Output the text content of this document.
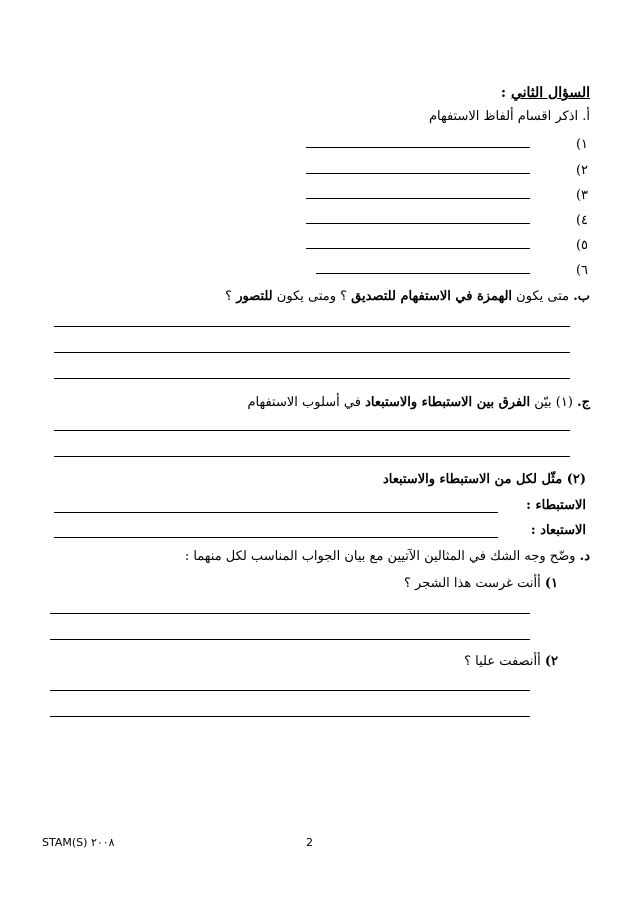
السؤال الثاني :
أ. اذكر اقسام ألفاظ الاستفهام
١)
٢)
٣)
٤)
٥)
٦)
ب. متى يكون الهمزة في الاستفهام للتصديق ؟ ومتى يكون للتصور ؟
ج. (١) بيّن الفرق بين الاستبطاء والاستبعاد في أسلوب الاستفهام
(٢) مثّل لكل من الاستبطاء والاستبعاد
الاستبطاء :
الاستبعاد :
د. وضّح وجه الشك في المثالين الآتيين مع بيان الجواب المناسب لكل منهما :
١) أأنت غرست هذا الشجر ؟
٢) أأنصفت عليا ؟
STAM(S) ٢٠٠٨	2
